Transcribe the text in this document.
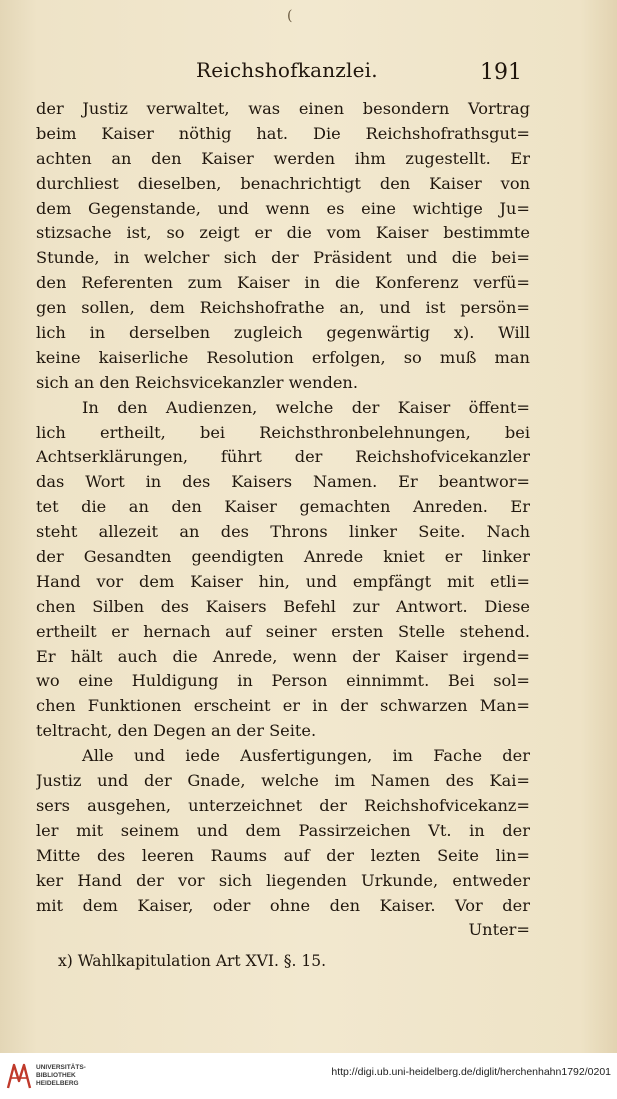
(
Reichshofkanzlei.	191
der Justiz verwaltet, was einen besondern Vortrag
beim Kaiser nöthig hat. Die Reichshofrathsgut=
achten an den Kaiser werden ihm zugestellt. Er
durchliest dieselben, benachrichtigt den Kaiser von
dem Gegenstande, und wenn es eine wichtige Ju=
stizsache ist, so zeigt er die vom Kaiser bestimmte
Stunde, in welcher sich der Präsident und die bei=
den Referenten zum Kaiser in die Konferenz verfü=
gen sollen, dem Reichshofrathe an, und ist persön=
lich in derselben zugleich gegenwärtig x). Will
keine kaiserliche Resolution erfolgen, so muß man
sich an den Reichsvicekanzler wenden.
In den Audienzen, welche der Kaiser öffent=
lich ertheilt, bei Reichsthronbelehnungen, bei
Achtserklärungen, führt der Reichshofvicekanzler
das Wort in des Kaisers Namen. Er beantwor=
tet die an den Kaiser gemachten Anreden. Er
steht allezeit an des Throns linker Seite. Nach
der Gesandten geendigten Anrede kniet er linker
Hand vor dem Kaiser hin, und empfängt mit etli=
chen Silben des Kaisers Befehl zur Antwort. Diese
ertheilt er hernach auf seiner ersten Stelle stehend.
Er hält auch die Anrede, wenn der Kaiser irgend=
wo eine Huldigung in Person einnimmt. Bei sol=
chen Funktionen erscheint er in der schwarzen Man=
teltracht, den Degen an der Seite.
Alle und iede Ausfertigungen, im Fache der
Justiz und der Gnade, welche im Namen des Kai=
sers ausgehen, unterzeichnet der Reichshofvicekanz=
ler mit seinem und dem Passirzeichen Vt. in der
Mitte des leeren Raums auf der lezten Seite lin=
ker Hand der vor sich liegenden Urkunde, entweder
mit dem Kaiser, oder ohne den Kaiser. Vor der
Unter=
x) Wahlkapitulation Art XVI. §. 15.
UNIVERSITÄTS-
BIBLIOTHEK
HEIDELBERG
http://digi.ub.uni-heidelberg.de/diglit/herchenhahn1792/0201
